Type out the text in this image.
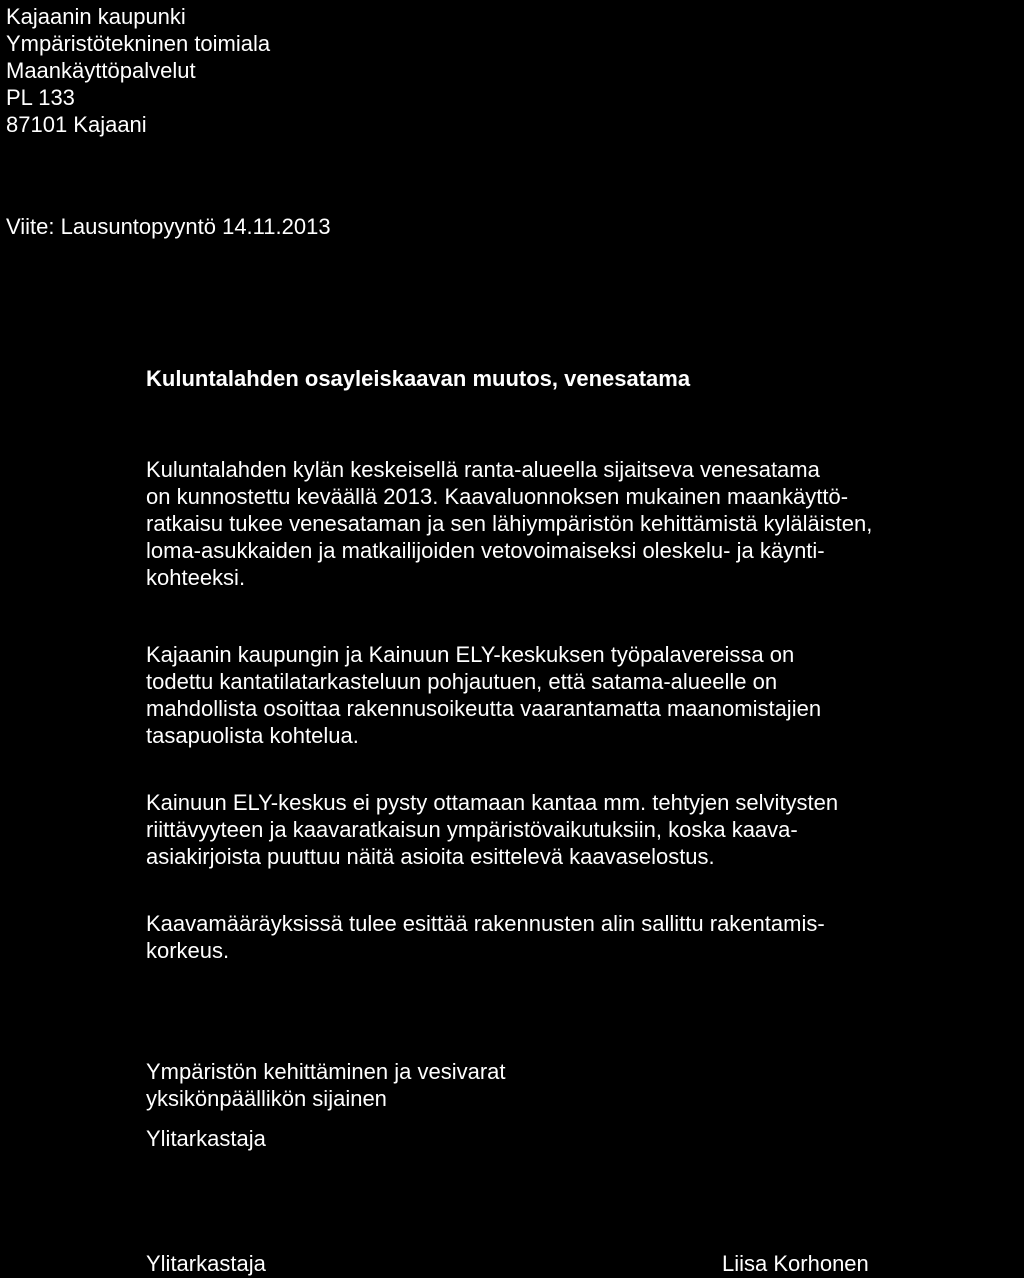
Kajaanin kaupunki
Ympäristötekninen toimiala
Maankäyttöpalvelut
PL 133
87101 Kajaani
Viite: Lausuntopyyntö 14.11.2013
Kuluntalahden osayleiskaavan muutos, venesatama
Kuluntalahden kylän keskeisellä ranta-alueella sijaitseva venesatama
on kunnostettu keväällä 2013. Kaavaluonnoksen mukainen maankäyttö-
ratkaisu tukee venesataman ja sen lähiympäristön kehittämistä kyläläisten,
loma-asukkaiden ja matkailijoiden vetovoimaiseksi oleskelu- ja käynti-
kohteeksi.
Kajaanin kaupungin ja Kainuun ELY-keskuksen työpalavereissa on
todettu kantatilatarkasteluun pohjautuen, että satama-alueelle on
mahdollista osoittaa rakennusoikeutta vaarantamatta maanomistajien
tasapuolista kohtelua.
Kainuun ELY-keskus ei pysty ottamaan kantaa mm. tehtyjen selvitysten
riittävyyteen ja kaavaratkaisun ympäristövaikutuksiin, koska kaava-
asiakirjoista puuttuu näitä asioita esittelevä kaavaselostus.
Kaavamääräyksissä tulee esittää rakennusten alin sallittu rakentamis-
korkeus.
Ympäristön kehittäminen ja vesivarat
yksikönpäällikön sijainen
Ylitarkastaja
Ylitarkastaja	Liisa Korhonen
